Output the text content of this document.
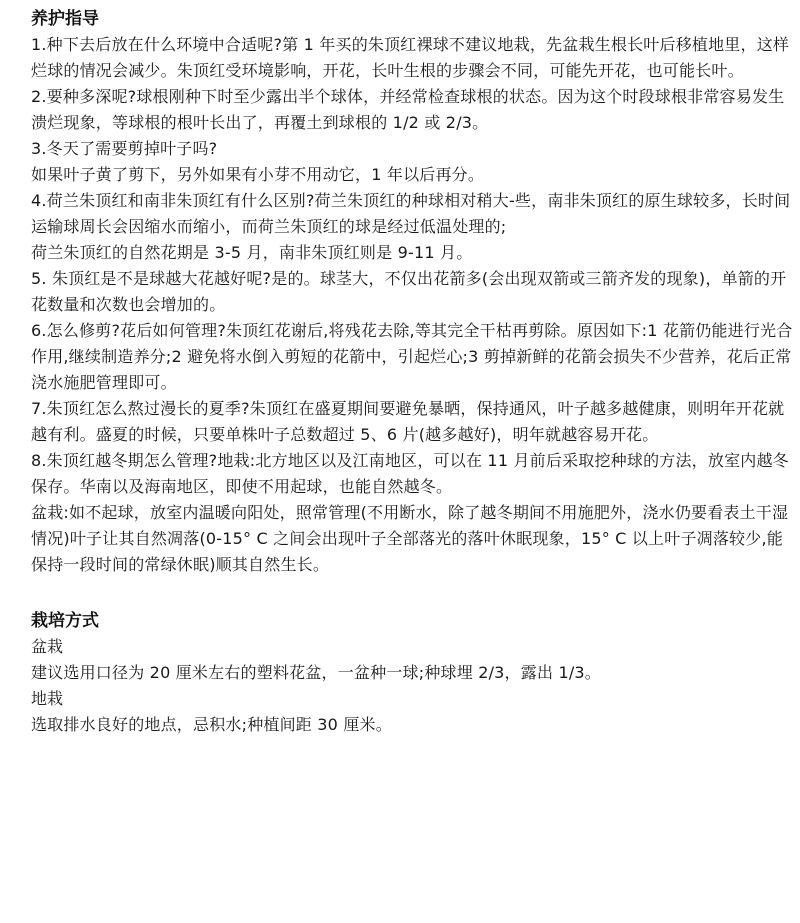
养护指导

1.种下去后放在什么环境中合适呢?第 1 年买的朱顶红裸球不建议地栽，先盆栽生根长叶后移植地里，这样烂球的情况会减少。朱顶红受环境影响，开花，长叶生根的步骤会不同，可能先开花，也可能长叶。

2.要种多深呢?球根刚种下时至少露出半个球体，并经常检查球根的状态。因为这个时段球根非常容易发生溃烂现象，等球根的根叶长出了，再覆土到球根的 1/2 或 2/3。

3.冬天了需要剪掉叶子吗?

如果叶子黄了剪下，另外如果有小芽不用动它，1 年以后再分。

4.荷兰朱顶红和南非朱顶红有什么区别?荷兰朱顶红的种球相对稍大-些，南非朱顶红的原生球较多，长时间运输球周长会因缩水而缩小，而荷兰朱顶红的球是经过低温处理的;

荷兰朱顶红的自然花期是 3-5 月，南非朱顶红则是 9-11 月。

5. 朱顶红是不是球越大花越好呢?是的。球茎大，不仅出花箭多(会出现双箭或三箭齐发的现象)，单箭的开花数量和次数也会增加的。

6.怎么修剪?花后如何管理?朱顶红花谢后,将残花去除,等其完全干枯再剪除。原因如下:1 花箭仍能进行光合作用,继续制造养分;2 避免将水倒入剪短的花箭中，引起烂心;3 剪掉新鲜的花箭会损失不少营养，花后正常浇水施肥管理即可。

7.朱顶红怎么熬过漫长的夏季?朱顶红在盛夏期间要避免暴晒，保持通风，叶子越多越健康，则明年开花就越有利。盛夏的时候，只要单株叶子总数超过 5、6 片(越多越好)，明年就越容易开花。

8.朱顶红越冬期怎么管理?地栽:北方地区以及江南地区，可以在 11 月前后采取挖种球的方法，放室内越冬保存。华南以及海南地区，即使不用起球，也能自然越冬。

盆栽:如不起球，放室内温暖向阳处，照常管理(不用断水，除了越冬期间不用施肥外，浇水仍要看表土干湿情况)叶子让其自然凋落(0-15° C 之间会出现叶子全部落光的落叶休眠现象，15° C 以上叶子凋落较少,能保持一段时间的常绿休眠)顺其自然生长。

栽培方式

盆栽

建议选用口径为 20 厘米左右的塑料花盆，一盆种一球;种球埋 2/3，露出 1/3。

地栽

选取排水良好的地点，忌积水;种植间距 30 厘米。
